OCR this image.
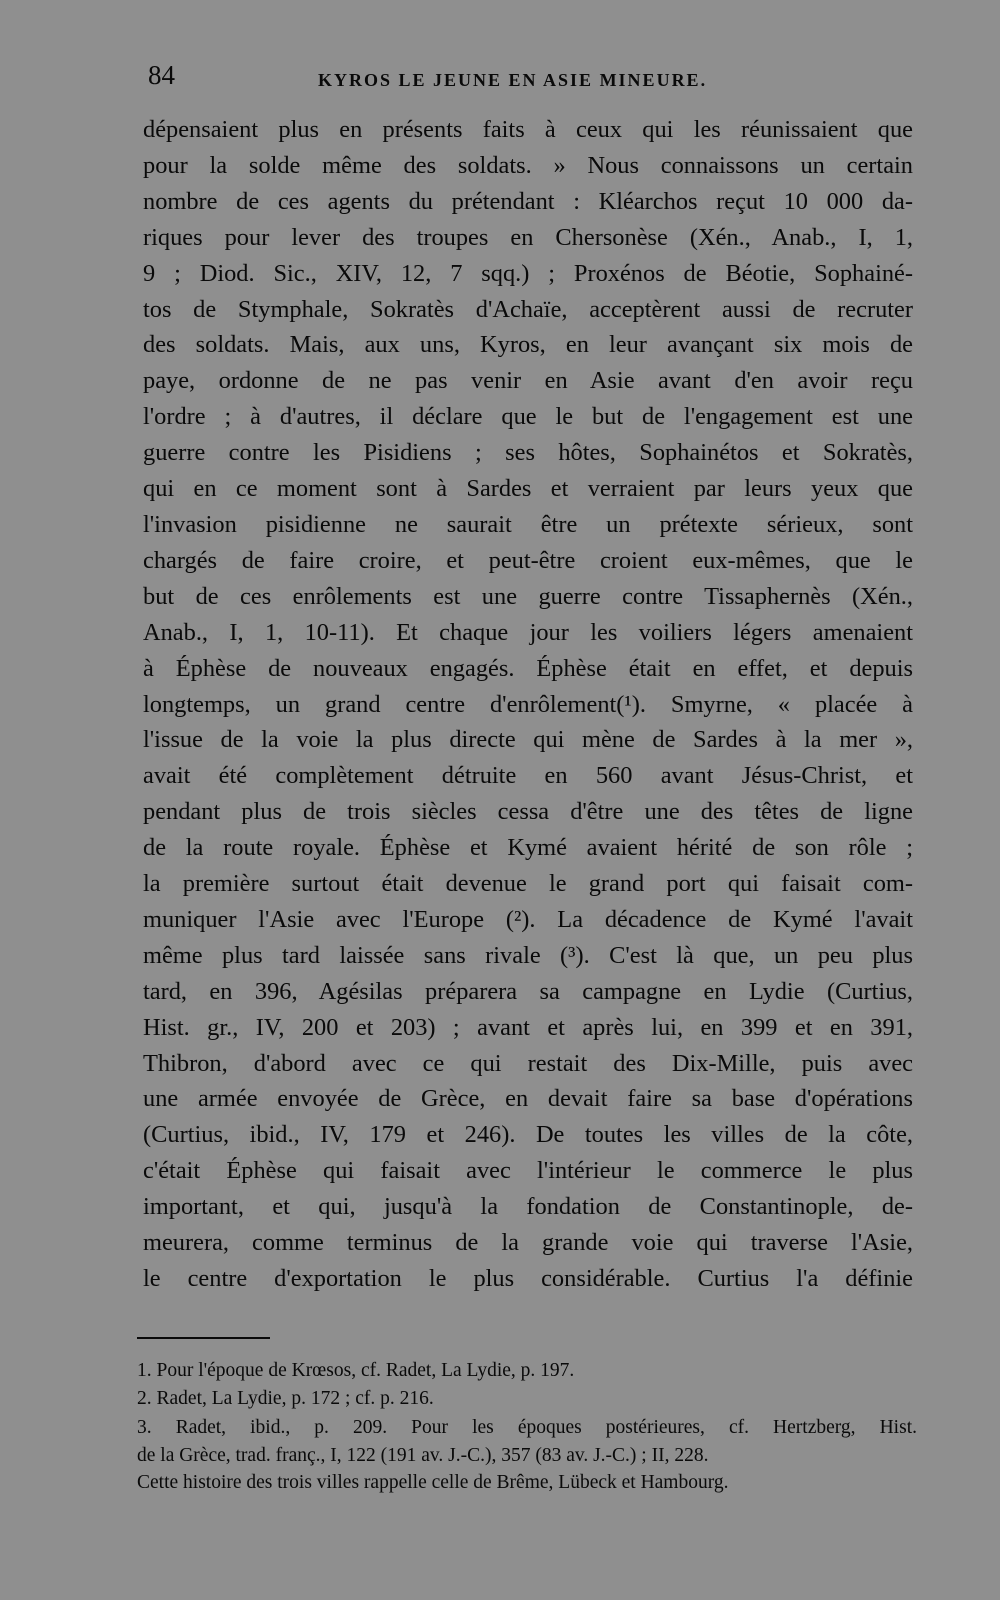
84	KYROS LE JEUNE EN ASIE MINEURE.
dépensaient plus en présents faits à ceux qui les réunissaient que
pour la solde même des soldats. » Nous connaissons un certain
nombre de ces agents du prétendant : Kléarchos reçut 10 000 da-
riques pour lever des troupes en Chersonèse (Xén., Anab., I, 1,
9 ; Diod. Sic., XIV, 12, 7 sqq.) ; Proxénos de Béotie, Sophainé-
tos de Stymphale, Sokratès d'Achaïe, acceptèrent aussi de recruter
des soldats. Mais, aux uns, Kyros, en leur avançant six mois de
paye, ordonne de ne pas venir en Asie avant d'en avoir reçu
l'ordre ; à d'autres, il déclare que le but de l'engagement est une
guerre contre les Pisidiens ; ses hôtes, Sophainétos et Sokratès,
qui en ce moment sont à Sardes et verraient par leurs yeux que
l'invasion pisidienne ne saurait être un prétexte sérieux, sont
chargés de faire croire, et peut-être croient eux-mêmes, que le
but de ces enrôlements est une guerre contre Tissaphernès (Xén.,
Anab., I, 1, 10-11). Et chaque jour les voiliers légers amenaient
à Éphèse de nouveaux engagés. Éphèse était en effet, et depuis
longtemps, un grand centre d'enrôlement(¹). Smyrne, « placée à
l'issue de la voie la plus directe qui mène de Sardes à la mer »,
avait été complètement détruite en 560 avant Jésus-Christ, et
pendant plus de trois siècles cessa d'être une des têtes de ligne
de la route royale. Éphèse et Kymé avaient hérité de son rôle ;
la première surtout était devenue le grand port qui faisait com-
muniquer l'Asie avec l'Europe (²). La décadence de Kymé l'avait
même plus tard laissée sans rivale (³). C'est là que, un peu plus
tard, en 396, Agésilas préparera sa campagne en Lydie (Curtius,
Hist. gr., IV, 200 et 203) ; avant et après lui, en 399 et en 391,
Thibron, d'abord avec ce qui restait des Dix-Mille, puis avec
une armée envoyée de Grèce, en devait faire sa base d'opérations
(Curtius, ibid., IV, 179 et 246). De toutes les villes de la côte,
c'était Éphèse qui faisait avec l'intérieur le commerce le plus
important, et qui, jusqu'à la fondation de Constantinople, de-
meurera, comme terminus de la grande voie qui traverse l'Asie,
le centre d'exportation le plus considérable. Curtius l'a définie
1. Pour l'époque de Krœsos, cf. Radet, La Lydie, p. 197.
2. Radet, La Lydie, p. 172 ; cf. p. 216.
3. Radet, ibid., p. 209. Pour les époques postérieures, cf. Hertzberg, Hist.
de la Grèce, trad. franç., I, 122 (191 av. J.-C.), 357 (83 av. J.-C.) ; II, 228.
Cette histoire des trois villes rappelle celle de Brême, Lübeck et Hambourg.
